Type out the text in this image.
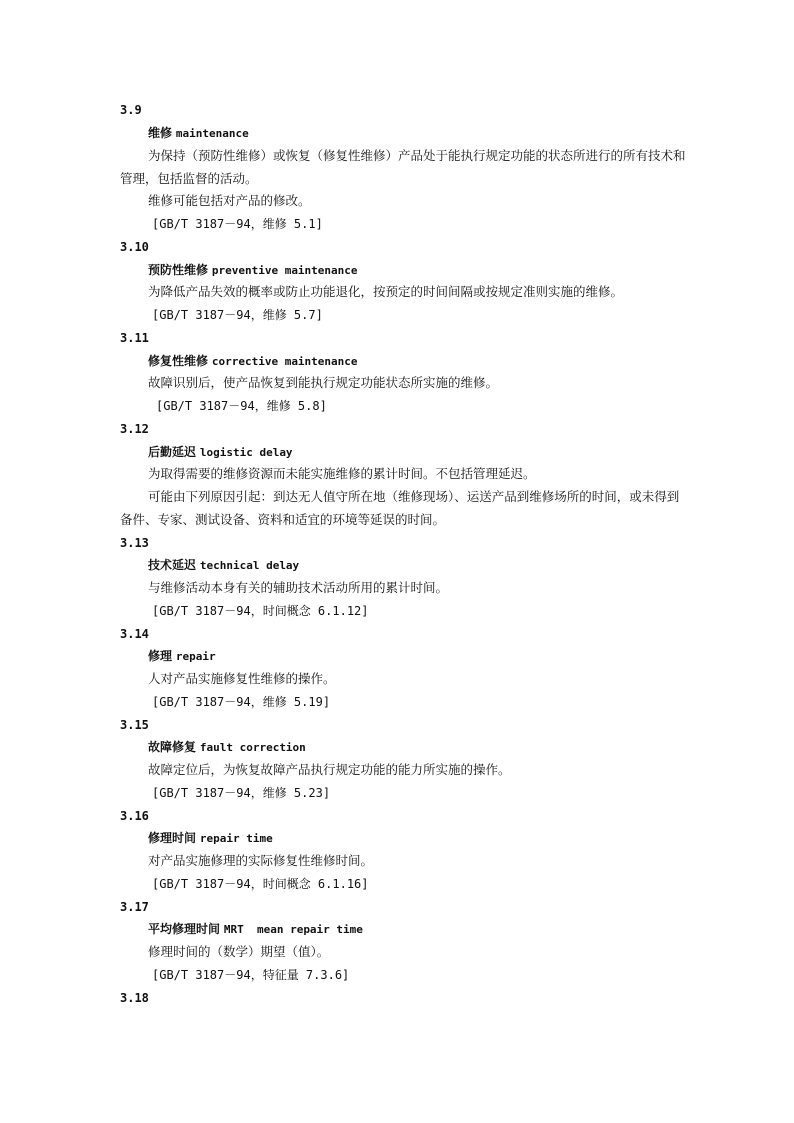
3.9
维修 maintenance
为保持（预防性维修）或恢复（修复性维修）产品处于能执行规定功能的状态所进行的所有技术和
管理，包括监督的活动。
维修可能包括对产品的修改。
[GB/T 3187－94，维修 5.1]
3.10
预防性维修 preventive maintenance
为降低产品失效的概率或防止功能退化，按预定的时间间隔或按规定准则实施的维修。
[GB/T 3187－94，维修 5.7]
3.11
修复性维修 corrective maintenance
故障识别后，使产品恢复到能执行规定功能状态所实施的维修。
[GB/T 3187－94，维修 5.8]
3.12
后勤延迟 logistic delay
为取得需要的维修资源而未能实施维修的累计时间。不包括管理延迟。
可能由下列原因引起：到达无人值守所在地（维修现场）、运送产品到维修场所的时间，或未得到
备件、专家、测试设备、资料和适宜的环境等延误的时间。
3.13
技术延迟 technical delay
与维修活动本身有关的辅助技术活动所用的累计时间。
[GB/T 3187－94，时间概念 6.1.12]
3.14
修理 repair
人对产品实施修复性维修的操作。
[GB/T 3187－94，维修 5.19]
3.15
故障修复 fault correction
故障定位后，为恢复故障产品执行规定功能的能力所实施的操作。
[GB/T 3187－94，维修 5.23]
3.16
修理时间 repair time
对产品实施修理的实际修复性维修时间。
[GB/T 3187－94，时间概念 6.1.16]
3.17
平均修理时间 MRT  mean repair time
修理时间的（数学）期望（值）。
[GB/T 3187－94，特征量 7.3.6]
3.18
